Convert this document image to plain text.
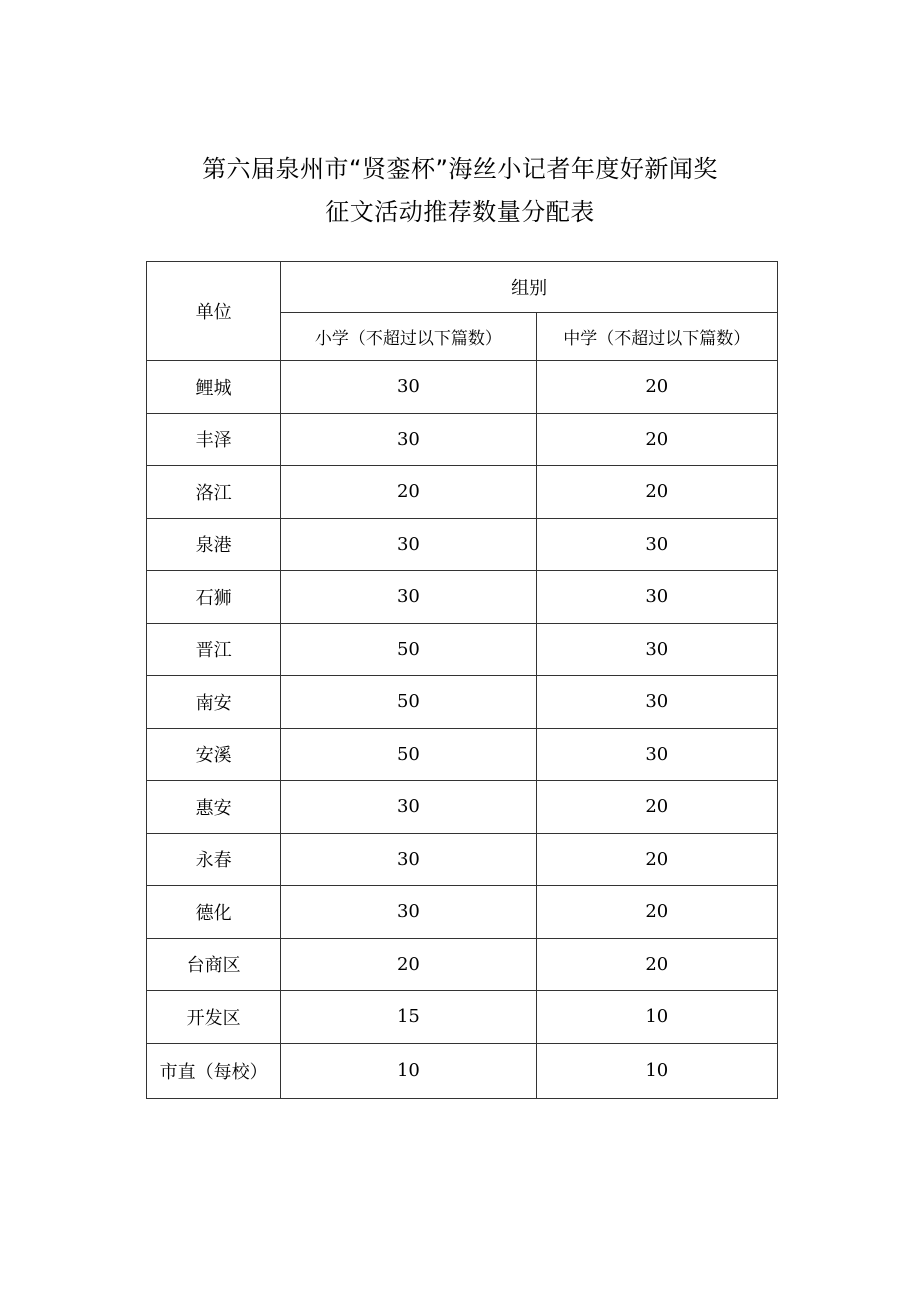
第六届泉州市“贤銮杯”海丝小记者年度好新闻奖
征文活动推荐数量分配表
单位	组别	
	小学（不超过以下篇数）	中学（不超过以下篇数）
鲤城	30	20
丰泽	30	20
洛江	20	20
泉港	30	30
石狮	30	30
晋江	50	30
南安	50	30
安溪	50	30
惠安	30	20
永春	30	20
德化	30	20
台商区	20	20
开发区	15	10
市直（每校）	10	10
